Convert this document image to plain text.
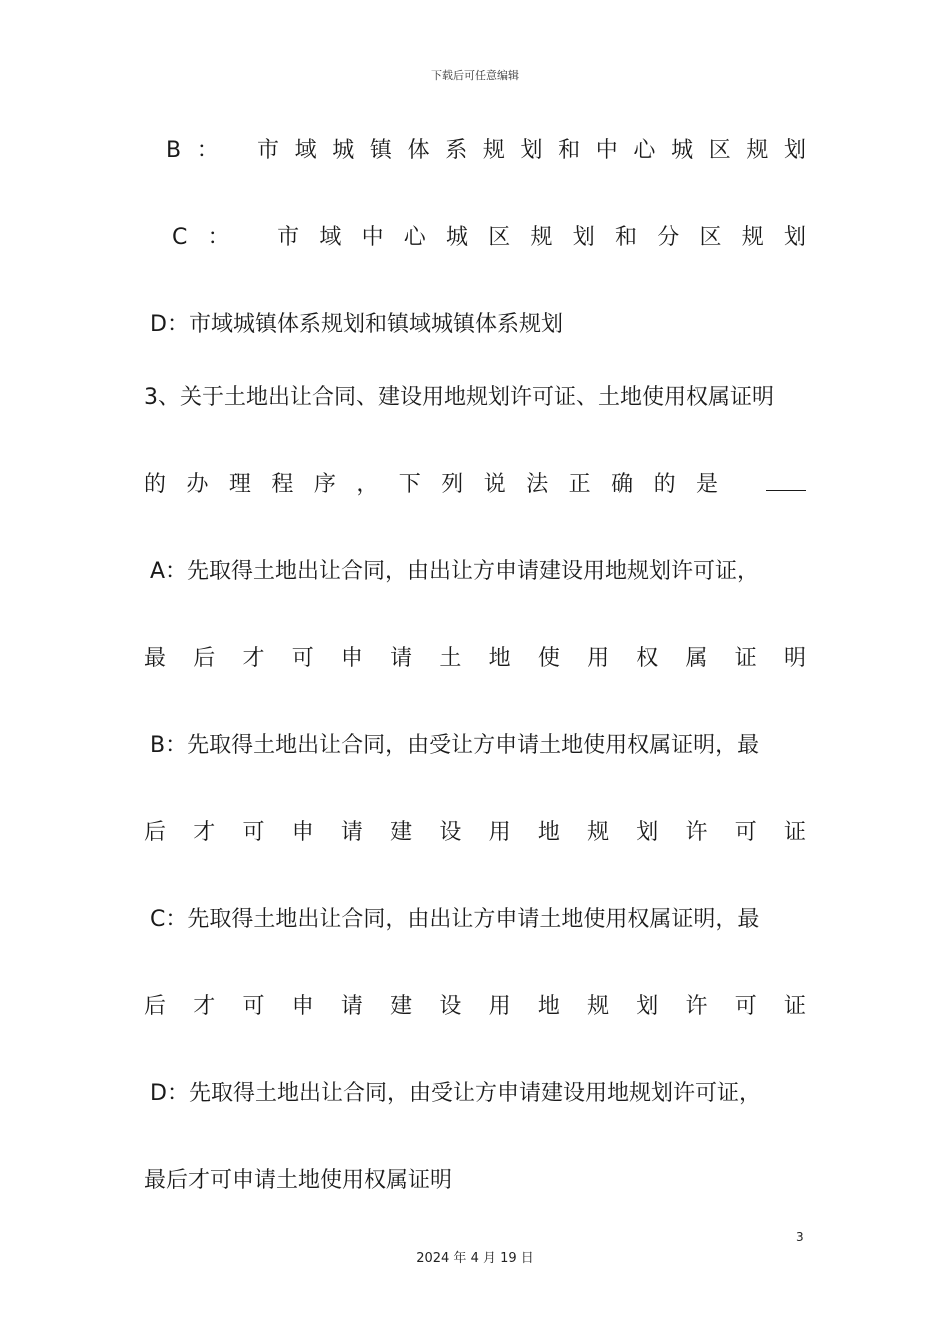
下载后可任意编辑
B： 市域城镇体系规划和中心城区规划
C： 市域中心城区规划和分区规划
D：市域城镇体系规划和镇域城镇体系规划
3、关于土地出让合同、建设用地规划许可证、土地使用权属证明
的办理程序，下列说法正确的是
A：先取得土地出让合同，由出让方申请建设用地规划许可证，
最后才可申请土地使用权属证明
B：先取得土地出让合同，由受让方申请土地使用权属证明，最
后才可申请建设用地规划许可证
C：先取得土地出让合同，由出让方申请土地使用权属证明，最
后才可申请建设用地规划许可证
D：先取得土地出让合同，由受让方申请建设用地规划许可证，
最后才可申请土地使用权属证明
3
2024 年 4 月 19 日
